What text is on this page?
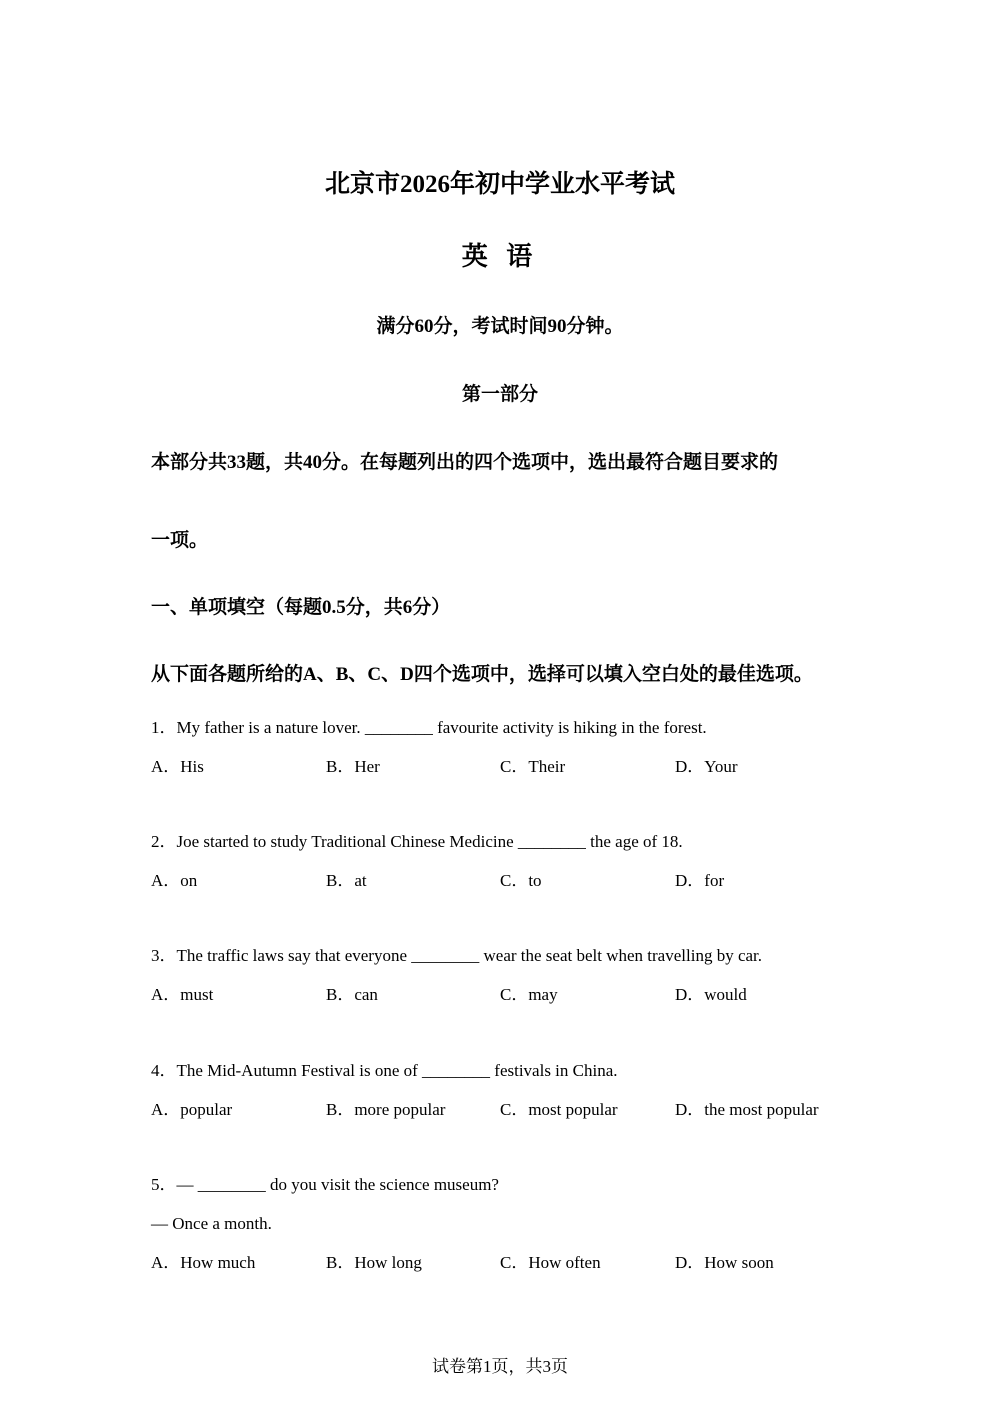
北京市2026年初中学业水平考试
英 语
满分60分，考试时间90分钟。
第一部分
本部分共33题，共40分。在每题列出的四个选项中，选出最符合题目要求的
一项。
一、单项填空（每题0.5分，共6分）
从下面各题所给的A、B、C、D四个选项中，选择可以填入空白处的最佳选项。
1．My father is a nature lover. ________ favourite activity is hiking in the forest.
A．His	B．Her	C．Their	D．Your
2．Joe started to study Traditional Chinese Medicine ________ the age of 18.
A．on	B．at	C．to	D．for
3．The traffic laws say that everyone ________ wear the seat belt when travelling by car.
A．must	B．can	C．may	D．would
4．The Mid-Autumn Festival is one of ________ festivals in China.
A．popular	B．more popular	C．most popular	D．the most popular
5．— ________ do you visit the science museum?
— Once a month.
A．How much	B．How long	C．How often	D．How soon
试卷第1页，共3页
